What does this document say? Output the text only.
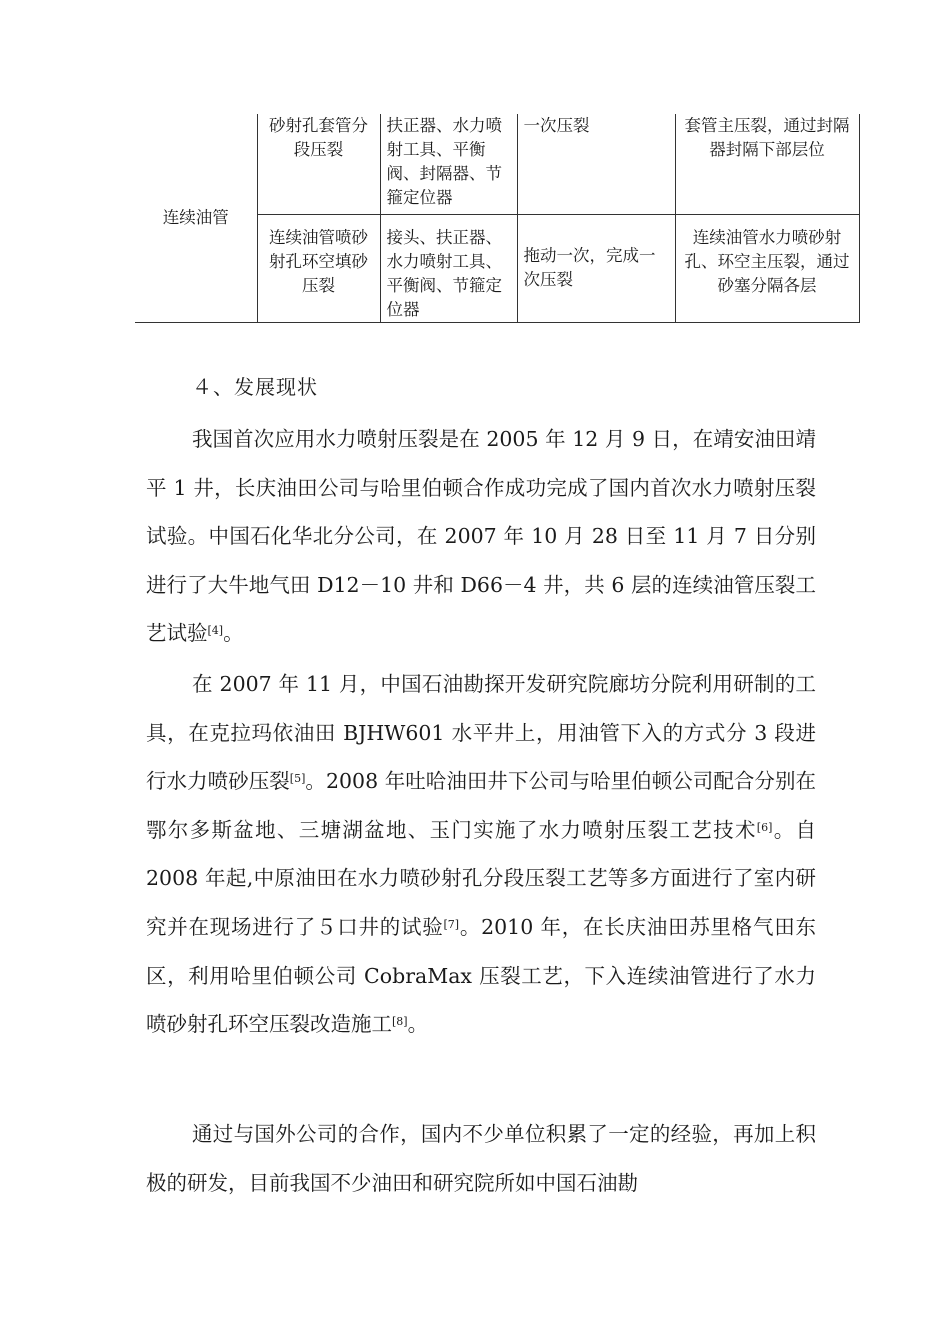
连续油管	砂射孔套管分段压裂	扶正器、水力喷射工具、平衡阀、封隔器、节箍定位器	一次压裂	套管主压裂，通过封隔器封隔下部层位
	连续油管喷砂射孔环空填砂压裂	接头、扶正器、水力喷射工具、平衡阀、节箍定位器	拖动一次，完成一次压裂	连续油管水力喷砂射孔、环空主压裂，通过砂塞分隔各层
４、发展现状

我国首次应用水力喷射压裂是在 2005 年 12 月 9 日，在靖安油田靖平 1 井，长庆油田公司与哈里伯顿合作成功完成了国内首次水力喷射压裂试验。中国石化华北分公司，在 2007 年 10 月 28 日至 11 月 7 日分别进行了大牛地气田 D12－10 井和 D66－4 井，共 6 层的连续油管压裂工艺试验[4]。

在 2007 年 11 月，中国石油勘探开发研究院廊坊分院利用研制的工具，在克拉玛依油田 BJHW601 水平井上，用油管下入的方式分 3 段进行水力喷砂压裂[5]。2008 年吐哈油田井下公司与哈里伯顿公司配合分别在鄂尔多斯盆地、三塘湖盆地、玉门实施了水力喷射压裂工艺技术[6]。自 2008 年起,中原油田在水力喷砂射孔分段压裂工艺等多方面进行了室内研究并在现场进行了５口井的试验[7]。2010 年，在长庆油田苏里格气田东区，利用哈里伯顿公司 CobraMax 压裂工艺，下入连续油管进行了水力喷砂射孔环空压裂改造施工[8]。

通过与国外公司的合作，国内不少单位积累了一定的经验，再加上积极的研发，目前我国不少油田和研究院所如中国石油勘
